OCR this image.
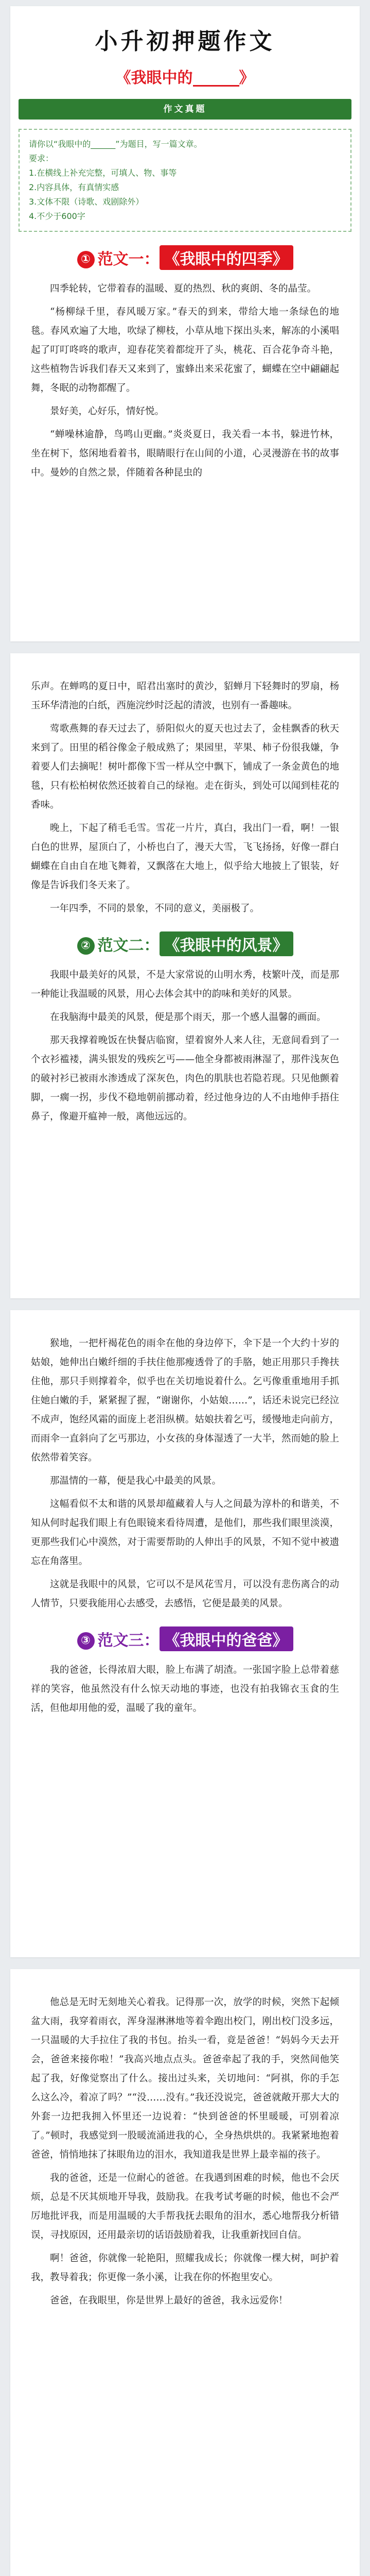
小升初押题作文
《我眼中的 ____ 》
作文真题

请你以“我眼中的______”为题目，写一篇文章。

要求：

1.在横线上补充完整，可填人、物、事等

2.内容具体，有真情实感

3.文体不限（诗歌、戏剧除外）

4.不少于600字

① 范文一： 《我眼中的四季》

四季轮转，它带着春的温暖、夏的热烈、秋的爽朗、冬的晶莹。

“杨柳绿千里，春风暖万家。”春天的到来，带给大地一条绿色的地毯。春风欢遍了大地，吹绿了柳枝，小草从地下探出头来，解冻的小溪唱起了叮叮咚咚的歌声，迎春花笑着都绽开了头，桃花、百合花争奇斗艳，这些植物告诉我们春天又来到了，蜜蜂出来采花蜜了，蝴蝶在空中翩翩起舞，冬眠的动物都醒了。

景好美，心好乐，情好悦。

“蝉噪林逾静，鸟鸣山更幽。”炎炎夏日，我关看一本书，躲进竹林，坐在树下，悠闲地看着书，眼睛眼行在山间的小道，心灵漫游在书的故事中。曼妙的自然之景，伴随着各种昆虫的

乐声。在蝉鸣的夏日中，昭君出塞时的黄沙，貂蝉月下轻舞时的罗扇，杨玉环华清池的白纸，西施浣纱时泛起的清波，也别有一番趣味。

莺歌燕舞的春天过去了，骄阳似火的夏天也过去了，金桂飘香的秋天来到了。田里的稻谷像金子般成熟了；果园里，苹果、柿子份很我嫌，争着要人们去摘呢！树叶都像下雪一样从空中飘下，铺成了一条金黄色的地毯，只有松柏树依然还披着自己的绿袍。走在街头，到处可以闻到桂花的香味。

晚上，下起了稍毛毛雪。雪花一片片，真白，我出门一看，啊！一银白色的世界，屋顶白了，小桥也白了，漫天大雪，飞飞扬扬，好像一群白蝴蝶在自由自在地飞舞着，又飘落在大地上，似乎给大地披上了银装，好像是告诉我们冬天来了。

一年四季，不同的景象，不同的意义，美丽极了。

② 范文二： 《我眼中的风景》

我眼中最美好的风景，不是大家常说的山明水秀，枝繁叶茂，而是那一种能让我温暖的风景，用心去体会其中的韵味和美好的风景。

在我脑海中最美的风景，便是那个雨天，那一个感人温馨的画面。

那天我撑着晚饭在快餐店临窗，望着窗外人来人往，无意间看到了一个衣衫褴褛，满头银发的残疾乞丐——他全身都被雨淋湿了，那件浅灰色的破衬衫已被雨水渗透成了深灰色，肉色的肌肤也若隐若现。只见他颤着脚，一瘸一拐，步伐不稳地朝前挪动着，经过他身边的人不由地伸手捂住鼻子，像避开瘟神一般，离他远远的。

猴地，一把杆褐花色的雨伞在他的身边停下，伞下是一个大约十岁的姑娘，她伸出白嫩纤细的手扶住他那瘦透骨了的手胳，她正用那只手搀扶住他，那只手则撑着伞，似乎也在关切地说着什么。乞丐像重重地用手抓住她白嫩的手，紧紧握了握，“谢谢你，小姑娘……”，话还未说完已经泣不成声，饱经风霜的面庞上老泪纵横。姑娘扶着乞丐，缓慢地走向前方，而雨伞一直斜向了乞丐那边，小女孩的身体湿透了一大半，然而她的脸上依然带着笑容。

那温情的一幕，便是我心中最美的风景。

这幅看似不太和谐的风景却蕴藏着人与人之间最为淳朴的和谐美，不知从何时起我们眼上有色眼镜来看待周遭，是他们，那些我们眼里淡漠，更那些我们心中漠然，对于需要帮助的人伸出手的风景，不知不觉中被遗忘在角落里。

这就是我眼中的风景，它可以不是风花雪月，可以没有悲伤离合的动人情节，只要我能用心去感受，去感悟，它便是最美的风景。

③ 范文三： 《我眼中的爸爸》

我的爸爸，长得浓眉大眼，脸上布满了胡渣。一张国字脸上总带着慈祥的笑容，他虽然没有什么惊天动地的事迹，也没有拍我锦衣玉食的生活，但他却用他的爱，温暖了我的童年。

他总是无时无刻地关心着我。记得那一次，放学的时候，突然下起倾盆大雨，我穿着雨衣，浑身湿淋淋地等着伞跑出校门，刚出校门没多远，一只温暖的大手拉住了我的书包。抬头一看，竟是爸爸！“妈妈今天去开会，爸爸来接你啦！”我高兴地点点头。爸爸牵起了我的手，突然间他笑起了我，好像觉察出了什么。接出过头来，关切地问：“阿祺，你的手怎么这么冷，着凉了吗？”“没……没有。”我还没说完，爸爸就敞开那大大的外套一边把我拥入怀里还一边说着：“快到爸爸的怀里暖暖，可别着凉了。”顿时，我感觉到一股暖流涌进我的心，全身热烘烘的。我紧紧地抱着爸爸，悄悄地抹了抹眼角边的泪水，我知道我是世界上最幸福的孩子。

我的爸爸，还是一位耐心的爸爸。在我遇到困难的时候，他也不会厌烦，总是不厌其烦地开导我，鼓励我。在我考试考砸的时候，他也不会严厉地批评我，而是用温暖的大手帮我抚去眼角的泪水，悉心地帮我分析错误，寻找原因，还用最亲切的话语鼓励着我，让我重新找回自信。

啊！爸爸，你就像一轮艳阳，照耀我成长；你就像一棵大树，呵护着我，教导着我；你更像一条小溪，让我在你的怀抱里安心。

爸爸，在我眼里，你是世界上最好的爸爸，我永远爱你！
